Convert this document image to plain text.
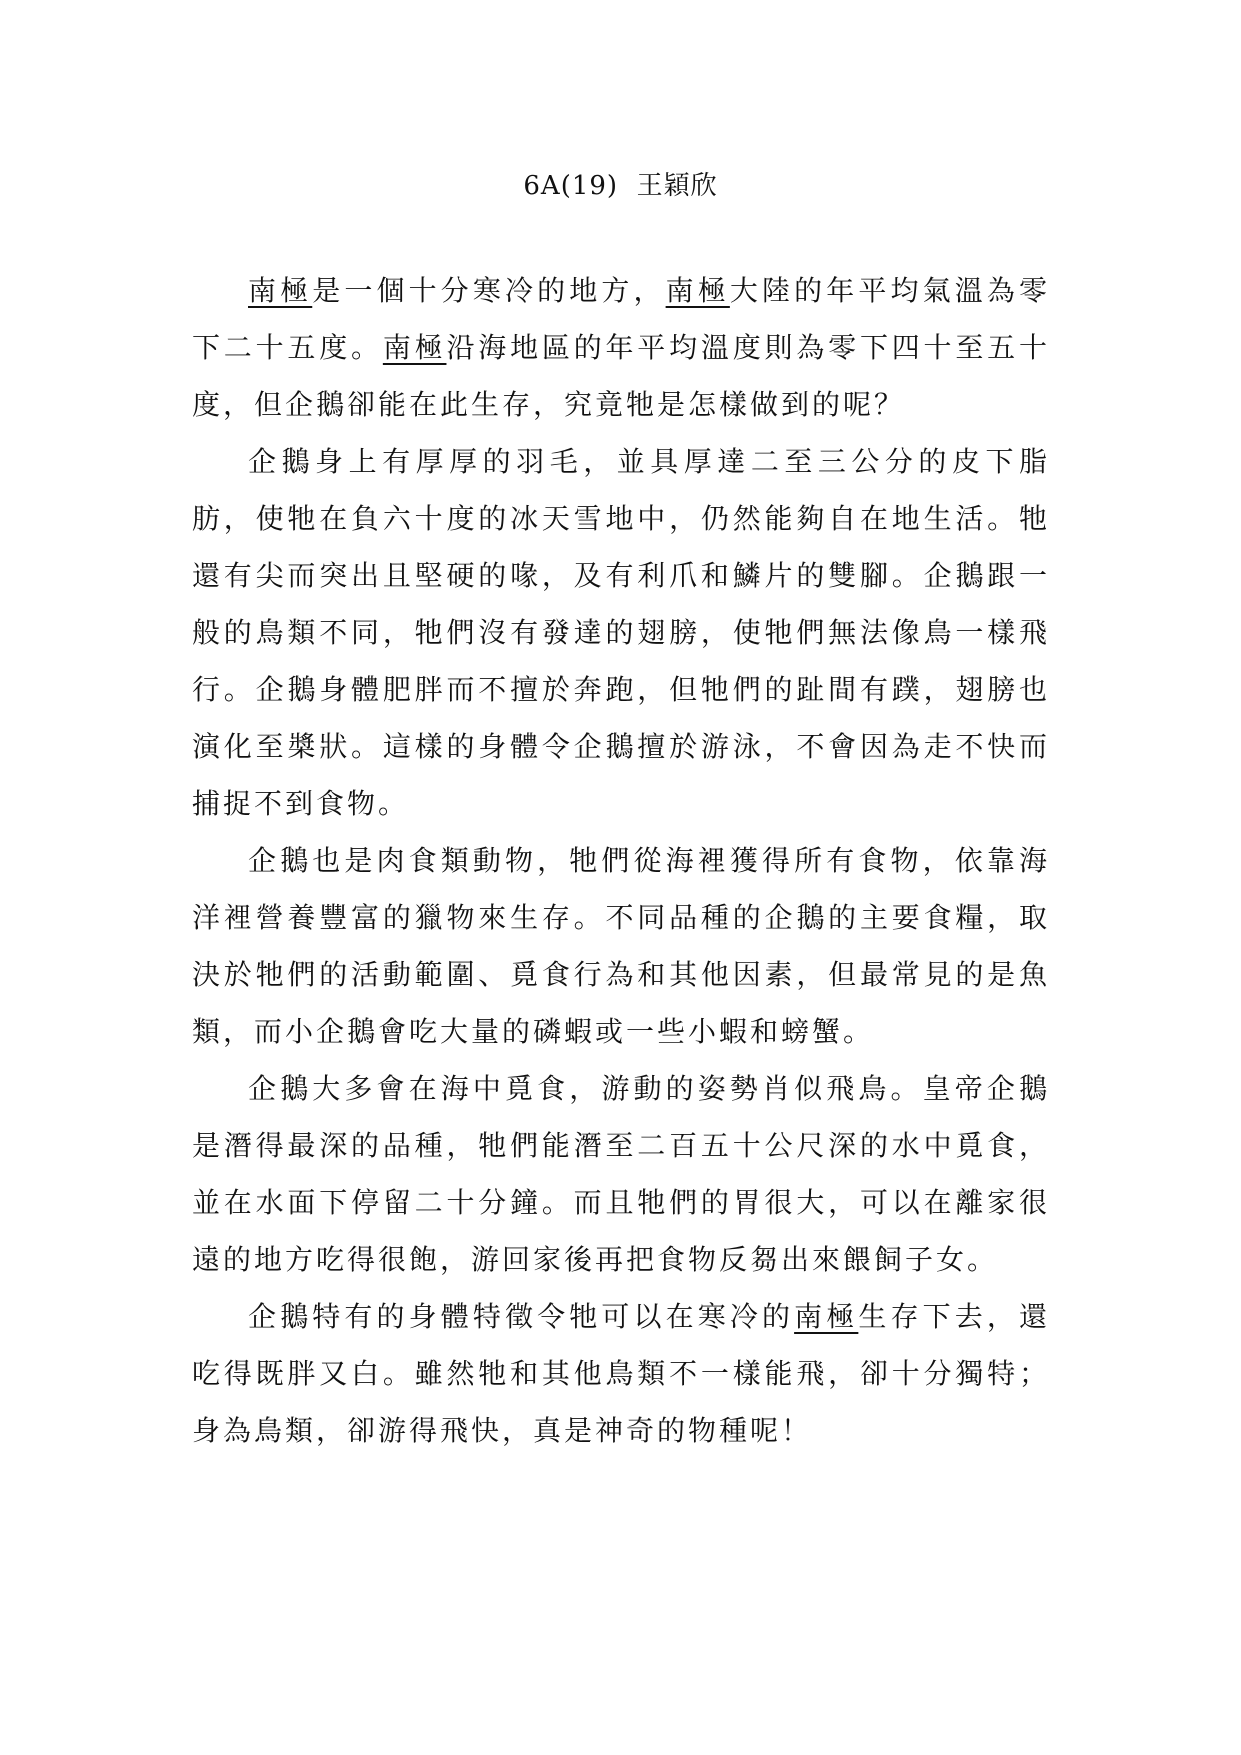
6A(19)  王穎欣

南極是一個十分寒冷的地方，南極大陸的年平均氣溫為零下二十五度。南極沿海地區的年平均溫度則為零下四十至五十度，但企鵝卻能在此生存，究竟牠是怎樣做到的呢？

企鵝身上有厚厚的羽毛，並具厚達二至三公分的皮下脂肪，使牠在負六十度的冰天雪地中，仍然能夠自在地生活。牠還有尖而突出且堅硬的喙，及有利爪和鱗片的雙腳。企鵝跟一般的鳥類不同，牠們沒有發達的翅膀，使牠們無法像鳥一樣飛行。企鵝身體肥胖而不擅於奔跑，但牠們的趾間有蹼，翅膀也演化至槳狀。這樣的身體令企鵝擅於游泳，不會因為走不快而捕捉不到食物。

企鵝也是肉食類動物，牠們從海裡獲得所有食物，依靠海洋裡營養豐富的獵物來生存。不同品種的企鵝的主要食糧，取決於牠們的活動範圍、覓食行為和其他因素，但最常見的是魚類，而小企鵝會吃大量的磷蝦或一些小蝦和螃蟹。

企鵝大多會在海中覓食，游動的姿勢肖似飛鳥。皇帝企鵝是潛得最深的品種，牠們能潛至二百五十公尺深的水中覓食，並在水面下停留二十分鐘。而且牠們的胃很大，可以在離家很遠的地方吃得很飽，游回家後再把食物反芻出來餵飼子女。

企鵝特有的身體特徵令牠可以在寒冷的南極生存下去，還吃得既胖又白。雖然牠和其他鳥類不一樣能飛，卻十分獨特；身為鳥類，卻游得飛快，真是神奇的物種呢！
